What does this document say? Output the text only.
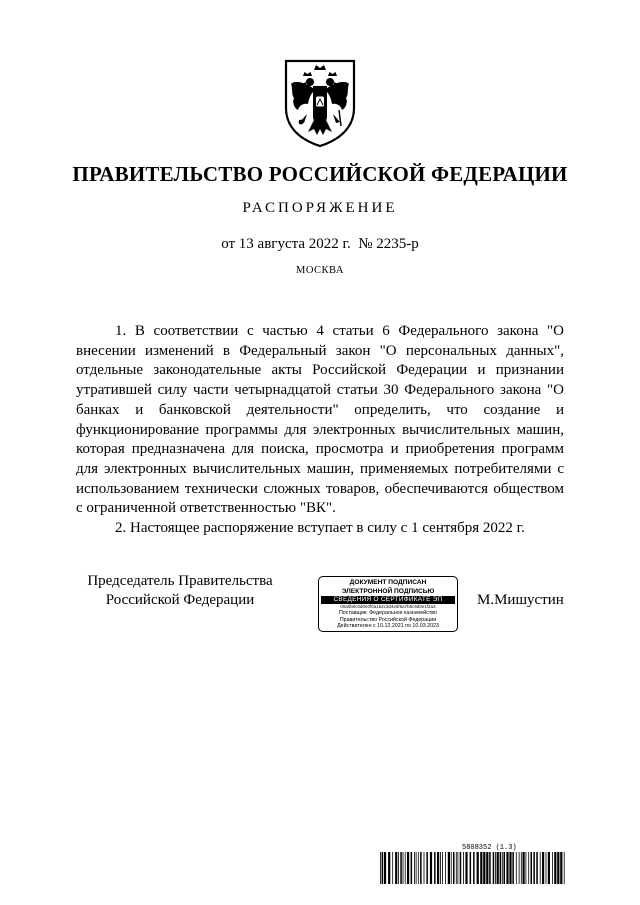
ПРАВИТЕЛЬСТВО РОССИЙСКОЙ ФЕДЕРАЦИИ
РАСПОРЯЖЕНИЕ
от 13 августа 2022 г.  № 2235-р
МОСКВА

1. В соответствии с частью 4 статьи 6 Федерального закона "О внесении изменений в Федеральный закон "О персональных данных", отдельные законодательные акты Российской Федерации и признании утратившей силу части четырнадцатой статьи 30 Федерального закона "О банках и банковской деятельности" определить, что создание и функционирование программы для электронных вычислительных машин, которая предназначена для поиска, просмотра и приобретения программ для электронных вычислительных машин, применяемых потребителями с использованием технически сложных товаров, обеспечиваются обществом с ограниченной ответственностью "ВК".

2. Настоящее распоряжение вступает в силу с 1 сентября 2022 г.

Председатель Правительства
Российской Федерации
ДОКУМЕНТ ПОДПИСАН
ЭЛЕКТРОННОЙ ПОДПИСЬЮ
СВЕДЕНИЯ О СЕРТИФИКАТЕ ЭП
00a0b0c0d0e0f0a1b2c3d4e5f6a7b8c9d0e1f2a3
Поставщик: Федеральное казначейство
Правительство Российской Федерации
Действителен с 10.12.2021 по 10.03.2023
М.Мишустин
5808352 (1.3)
